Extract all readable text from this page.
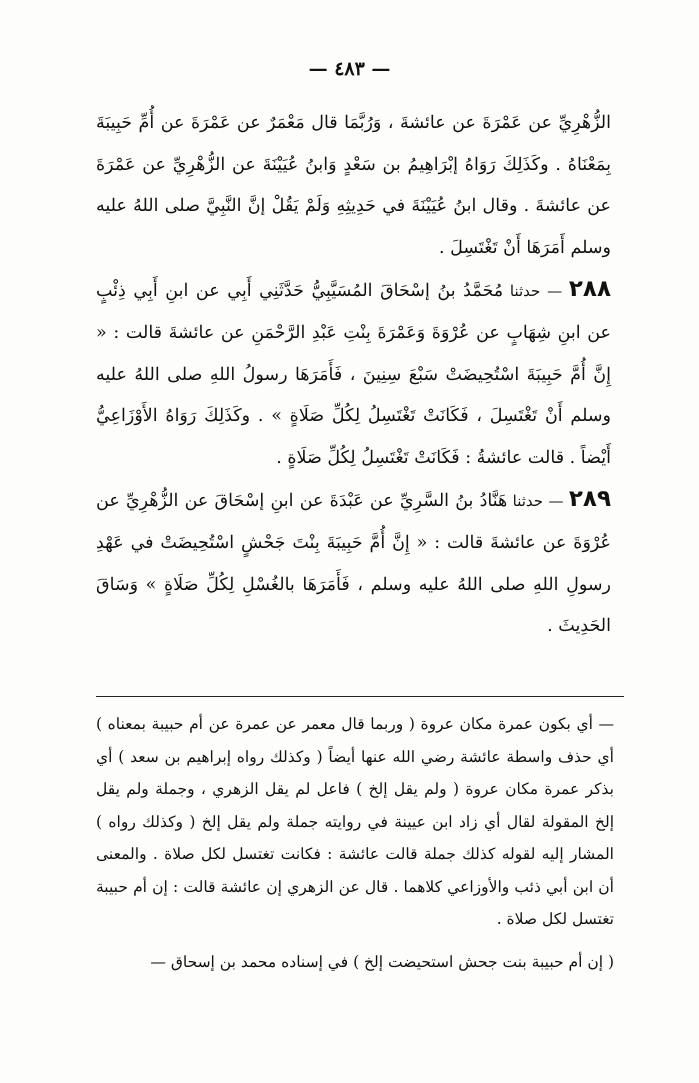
— ٤٨٣ —

الزُّهْرِيِّ عن عَمْرَةَ عن عائشةَ ، وَرُبَّمَا قال مَعْمَرٌ عن عَمْرَةَ عن أُمِّ حَبِيبَةَ بِمَعْنَاهُ . وكَذَلِكَ رَوَاهُ إبْرَاهِيمُ بن سَعْدٍ وَابنُ عُيَيْنَةَ عن الزُّهْرِيِّ عن عَمْرَةَ عن عائشةَ . وقال ابنُ عُيَيْنَةَ في حَدِيثِهِ وَلَمْ يَقُلْ إنَّ النَّبِيَّ صلى اللهُ عليه وسلم أَمَرَهَا أَنْ تَغْتَسِلَ .

٢٨٨ — حدثنا مُحَمَّدُ بنُ إسْحَاقَ المُسَيَّبِيُّ حَدَّثَنِي أَبِي عن ابنِ أَبِي ذِئْبٍ عن ابنِ شِهَابٍ عن عُرْوَةَ وَعَمْرَةَ بِنْتِ عَبْدِ الرَّحْمَنِ عن عائشةَ قالت : « إِنَّ أُمَّ حَبِيبَةَ اسْتُحِيضَتْ سَبْعَ سِنِينَ ، فَأَمَرَهَا رسولُ اللهِ صلى اللهُ عليه وسلم أَنْ تَغْتَسِلَ ، فَكَانَتْ تَغْتَسِلُ لِكُلِّ صَلَاةٍ » . وكَذَلِكَ رَوَاهُ الأَوْزَاعِيُّ أَيْضاً . قالت عائشةُ : فَكَانَتْ تَغْتَسِلُ لِكُلِّ صَلَاةٍ .

٢٨٩ — حدثنا هَنَّادُ بنُ السَّرِيِّ عن عَبْدَةَ عن ابنِ إسْحَاقَ عن الزُّهْرِيِّ عن عُرْوَةَ عن عائشةَ قالت : « إِنَّ أُمَّ حَبِيبَةَ بِنْتَ جَحْشٍ اسْتُحِيضَتْ في عَهْدِ رسولِ اللهِ صلى اللهُ عليه وسلم ، فَأَمَرَهَا بالغُسْلِ لِكُلِّ صَلَاةٍ » وَسَاقَ الحَدِيثَ .

— أي بكون عمرة مكان عروة ( وربما قال معمر عن عمرة عن أم حبيبة بمعناه ) أي حذف واسطة عائشة رضي الله عنها أيضاً ( وكذلك رواه إبراهيم بن سعد ) أي بذكر عمرة مكان عروة ( ولم يقل إلخ ) فاعل لم يقل الزهري ، وجملة ولم يقل إلخ المقولة لقال أي زاد ابن عيينة في روايته جملة ولم يقل إلخ ( وكذلك رواه ) المشار إليه لقوله كذلك جملة قالت عائشة : فكانت تغتسل لكل صلاة . والمعنى أن ابن أبي ذئب والأوزاعي كلاهما . قال عن الزهري إن عائشة قالت : إن أم حبيبة تغتسل لكل صلاة .

( إن أم حبيبة بنت جحش استحيضت إلخ ) في إسناده محمد بن إسحاق —
